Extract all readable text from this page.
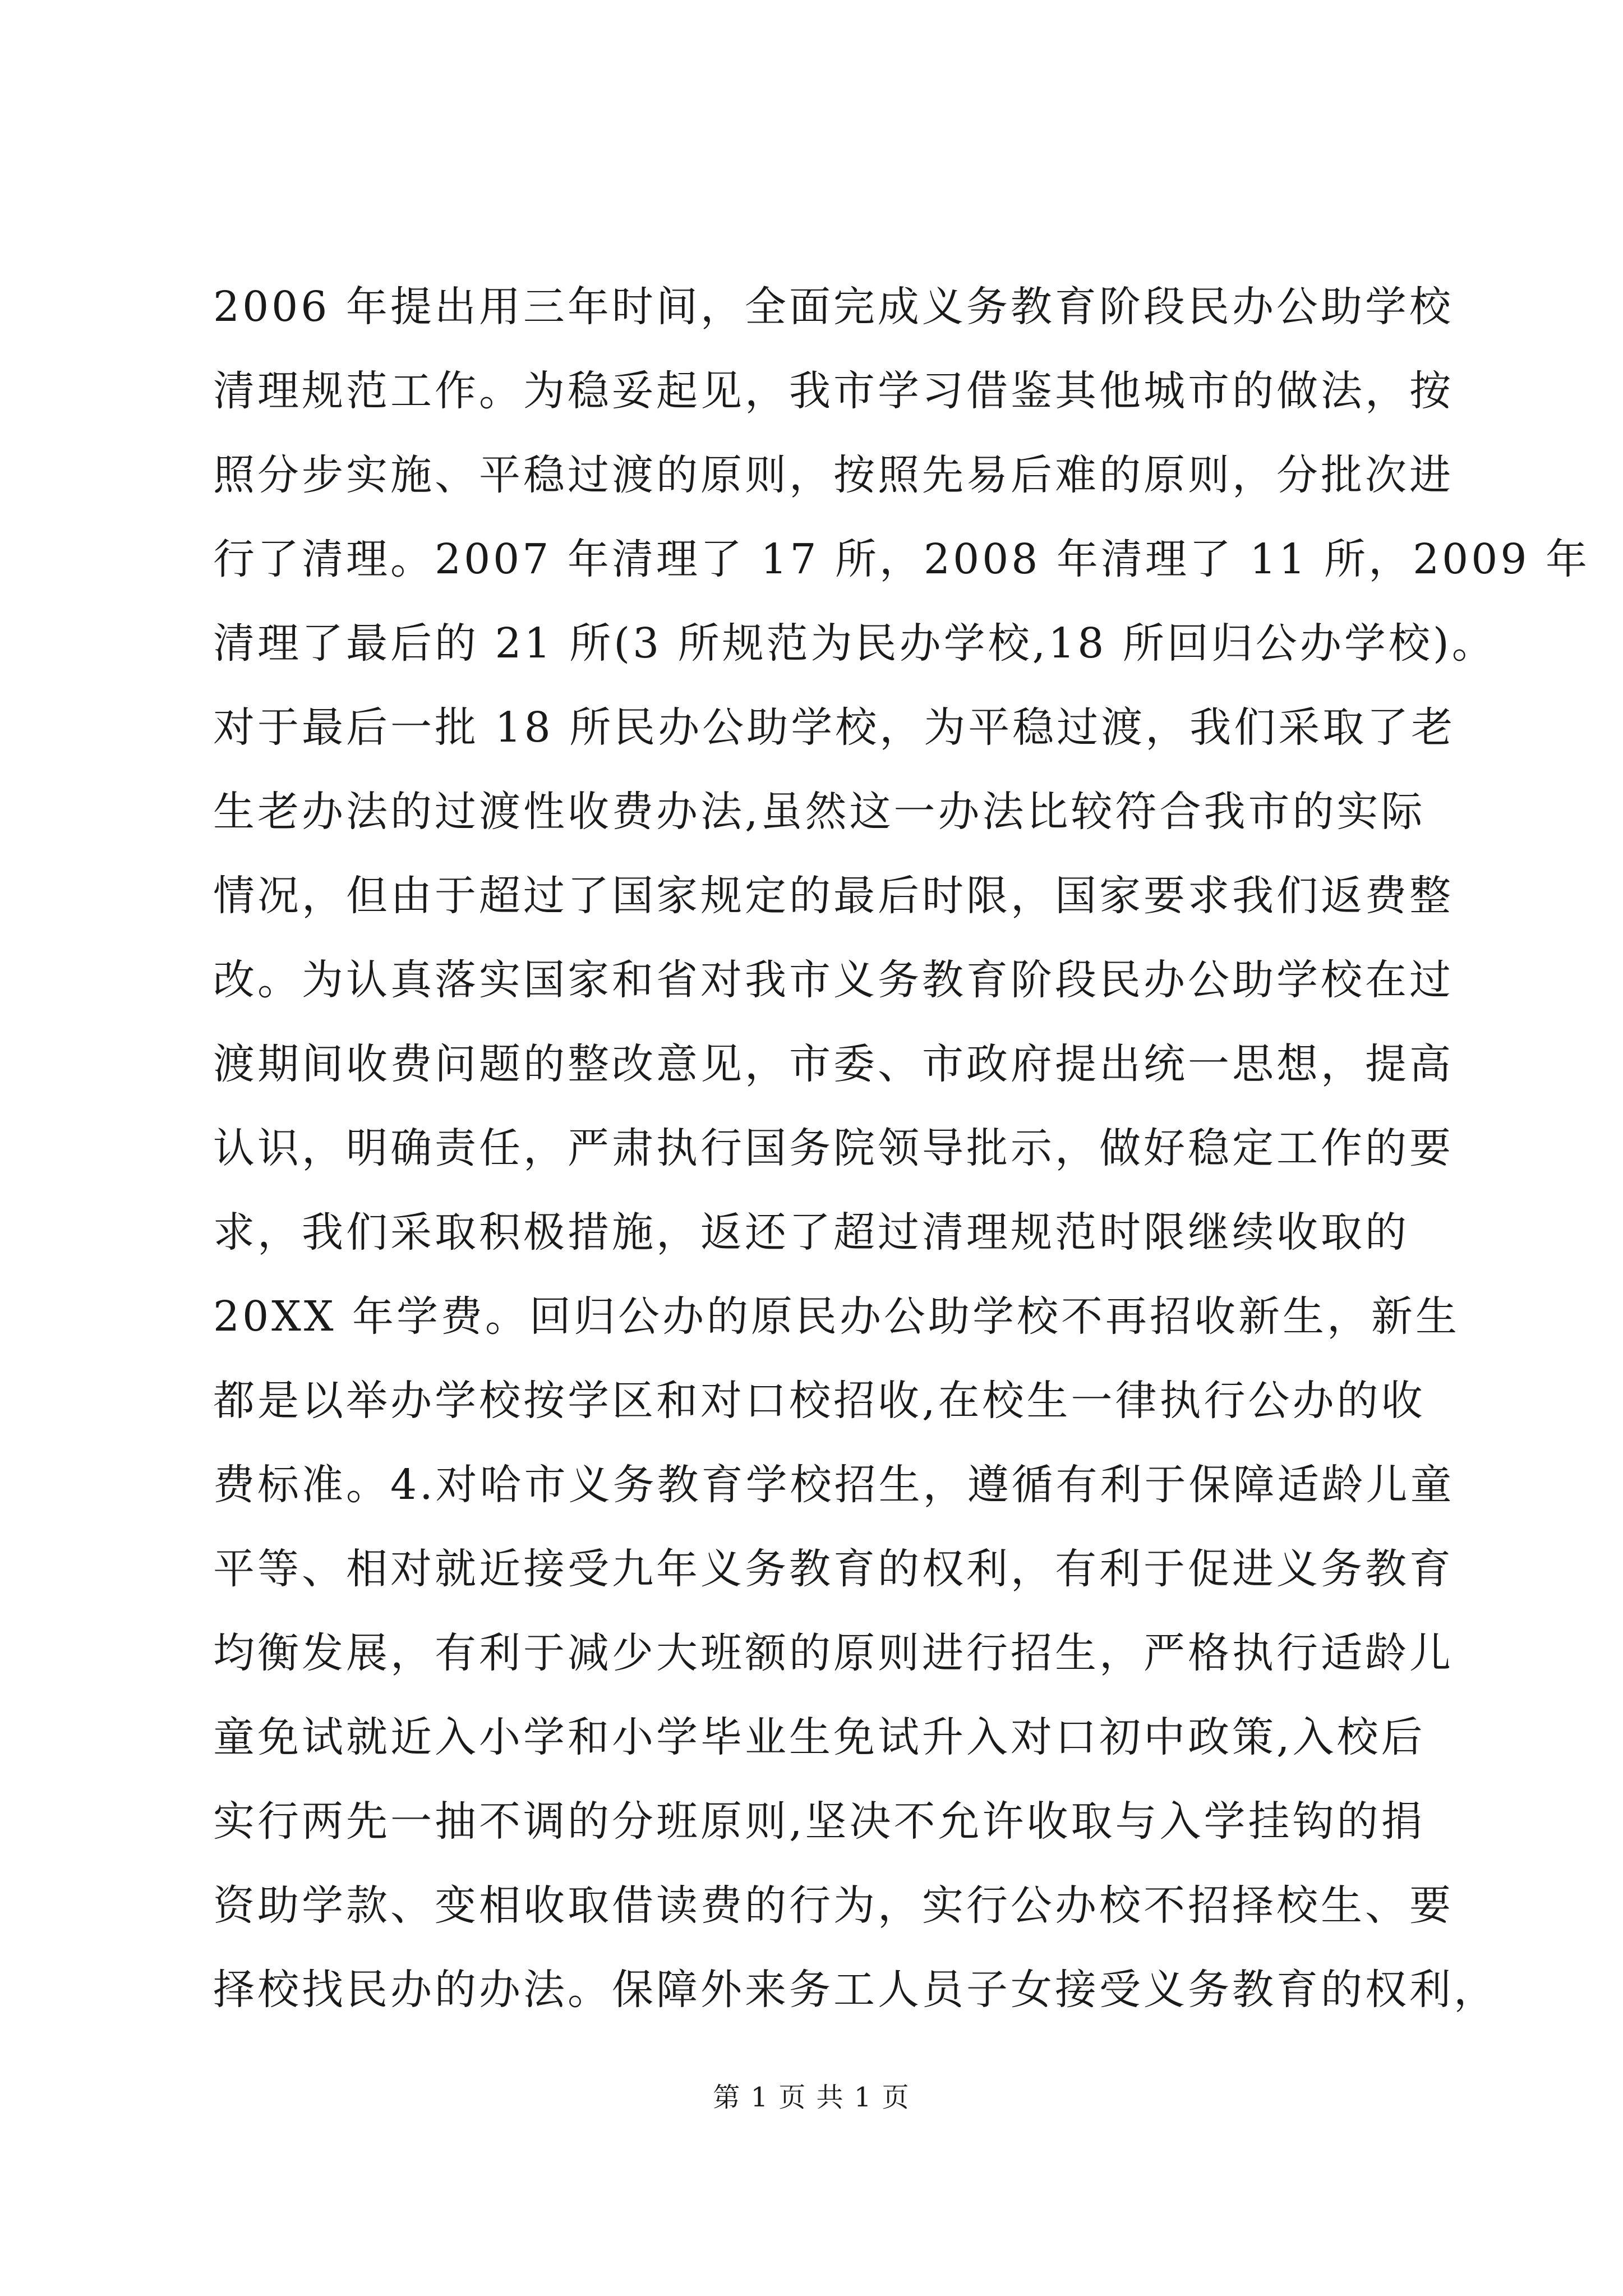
2006 年提出用三年时间，全面完成义务教育阶段民办公助学校
清理规范工作。为稳妥起见，我市学习借鉴其他城市的做法，按
照分步实施、平稳过渡的原则，按照先易后难的原则，分批次进
行了清理。2007 年清理了 17 所，2008 年清理了 11 所，2009 年
清理了最后的 21 所(3 所规范为民办学校,18 所回归公办学校)。
对于最后一批 18 所民办公助学校，为平稳过渡，我们采取了老
生老办法的过渡性收费办法,虽然这一办法比较符合我市的实际
情况，但由于超过了国家规定的最后时限，国家要求我们返费整
改。为认真落实国家和省对我市义务教育阶段民办公助学校在过
渡期间收费问题的整改意见，市委、市政府提出统一思想，提高
认识，明确责任，严肃执行国务院领导批示，做好稳定工作的要
求，我们采取积极措施，返还了超过清理规范时限继续收取的
20XX 年学费。回归公办的原民办公助学校不再招收新生，新生
都是以举办学校按学区和对口校招收,在校生一律执行公办的收
费标准。4.对哈市义务教育学校招生，遵循有利于保障适龄儿童
平等、相对就近接受九年义务教育的权利，有利于促进义务教育
均衡发展，有利于减少大班额的原则进行招生，严格执行适龄儿
童免试就近入小学和小学毕业生免试升入对口初中政策,入校后
实行两先一抽不调的分班原则,坚决不允许收取与入学挂钩的捐
资助学款、变相收取借读费的行为，实行公办校不招择校生、要
择校找民办的办法。保障外来务工人员子女接受义务教育的权利，
第 1 页 共 1 页
